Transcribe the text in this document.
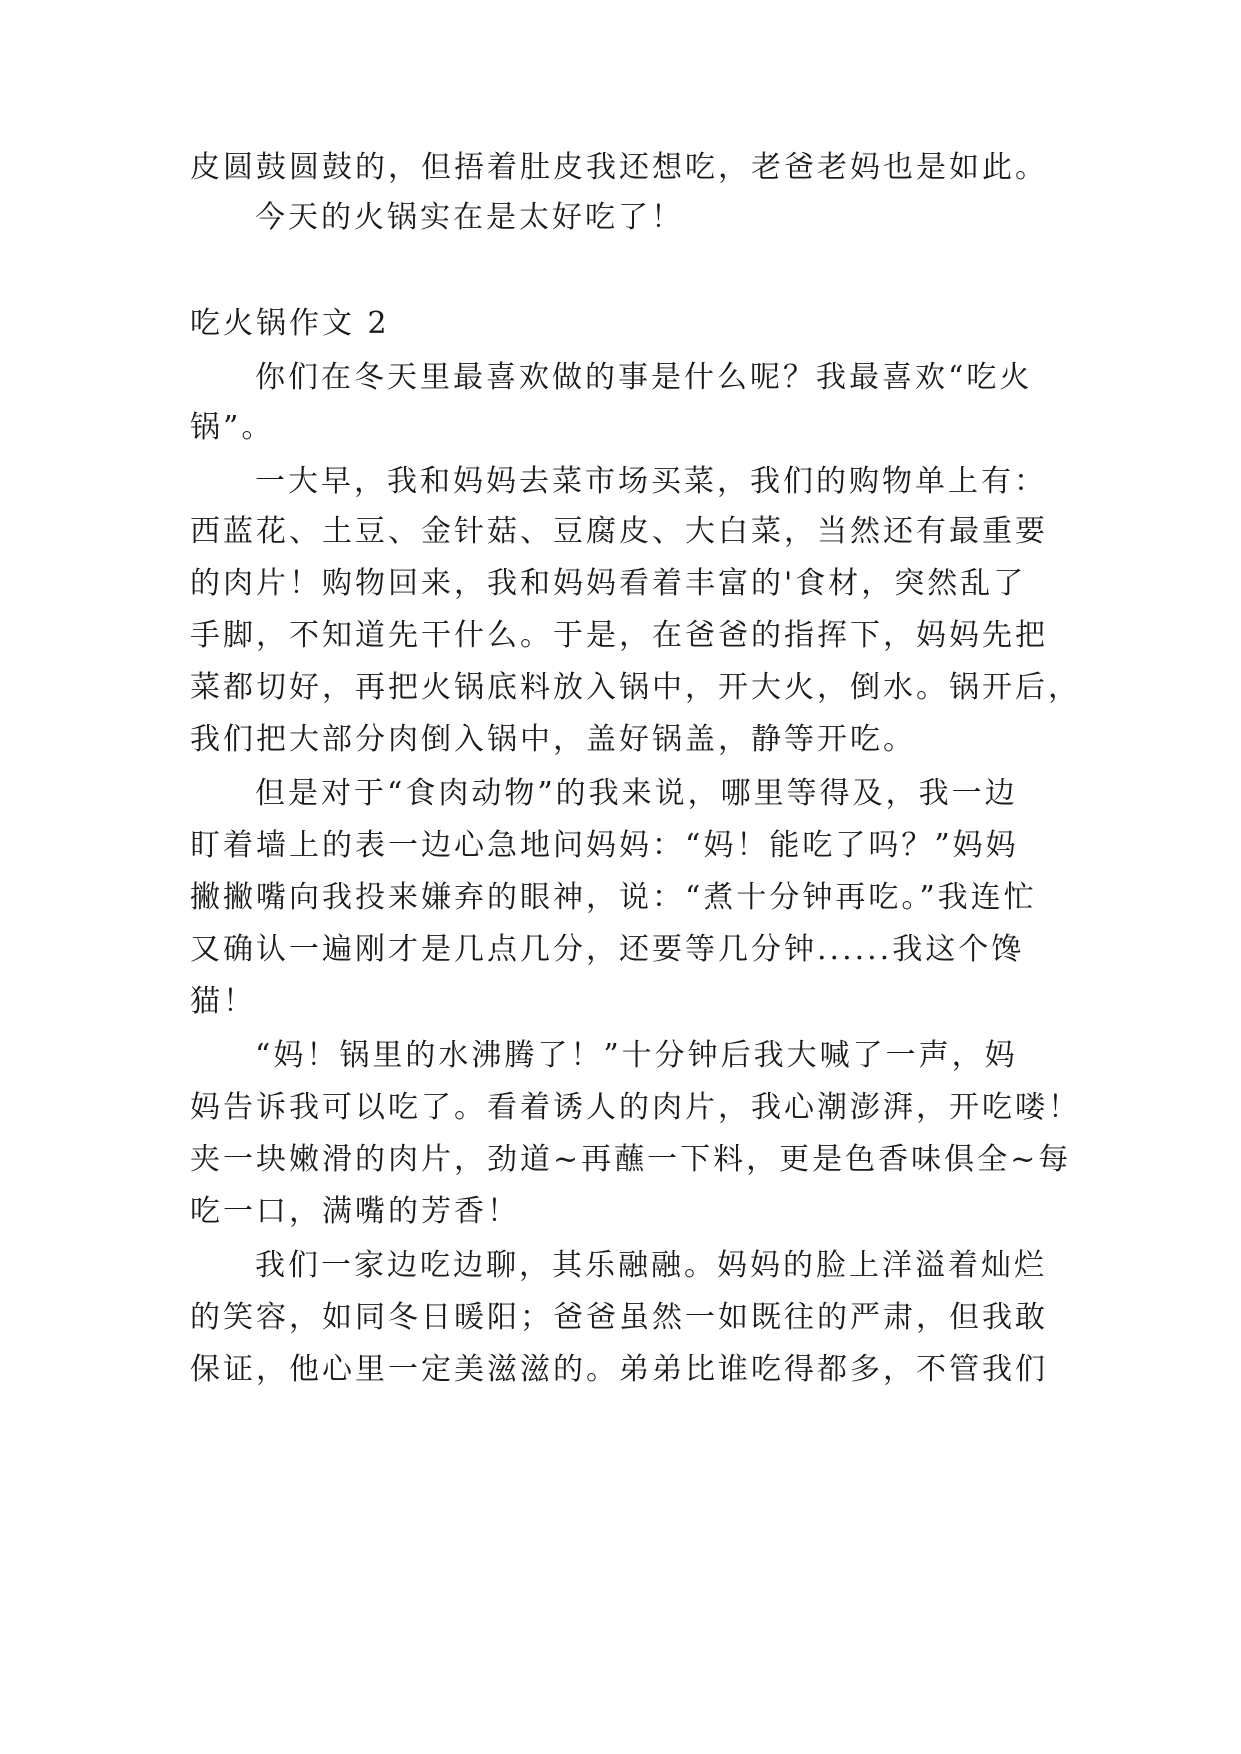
皮圆鼓圆鼓的，但捂着肚皮我还想吃，老爸老妈也是如此。
今天的火锅实在是太好吃了！
吃火锅作文 2
你们在冬天里最喜欢做的事是什么呢？我最喜欢“吃火
锅”。
一大早，我和妈妈去菜市场买菜，我们的购物单上有：
西蓝花、土豆、金针菇、豆腐皮、大白菜，当然还有最重要
的肉片！购物回来，我和妈妈看着丰富的'食材，突然乱了
手脚，不知道先干什么。于是，在爸爸的指挥下，妈妈先把
菜都切好，再把火锅底料放入锅中，开大火，倒水。锅开后，
我们把大部分肉倒入锅中，盖好锅盖，静等开吃。
但是对于“食肉动物”的我来说，哪里等得及，我一边
盯着墙上的表一边心急地问妈妈：“妈！能吃了吗？”妈妈
撇撇嘴向我投来嫌弃的眼神，说：“煮十分钟再吃。”我连忙
又确认一遍刚才是几点几分，还要等几分钟......我这个馋
猫！
“妈！锅里的水沸腾了！”十分钟后我大喊了一声，妈
妈告诉我可以吃了。看着诱人的肉片，我心潮澎湃，开吃喽！
夹一块嫩滑的肉片，劲道~再蘸一下料，更是色香味俱全~每
吃一口，满嘴的芳香！
我们一家边吃边聊，其乐融融。妈妈的脸上洋溢着灿烂
的笑容，如同冬日暖阳；爸爸虽然一如既往的严肃，但我敢
保证，他心里一定美滋滋的。弟弟比谁吃得都多，不管我们
